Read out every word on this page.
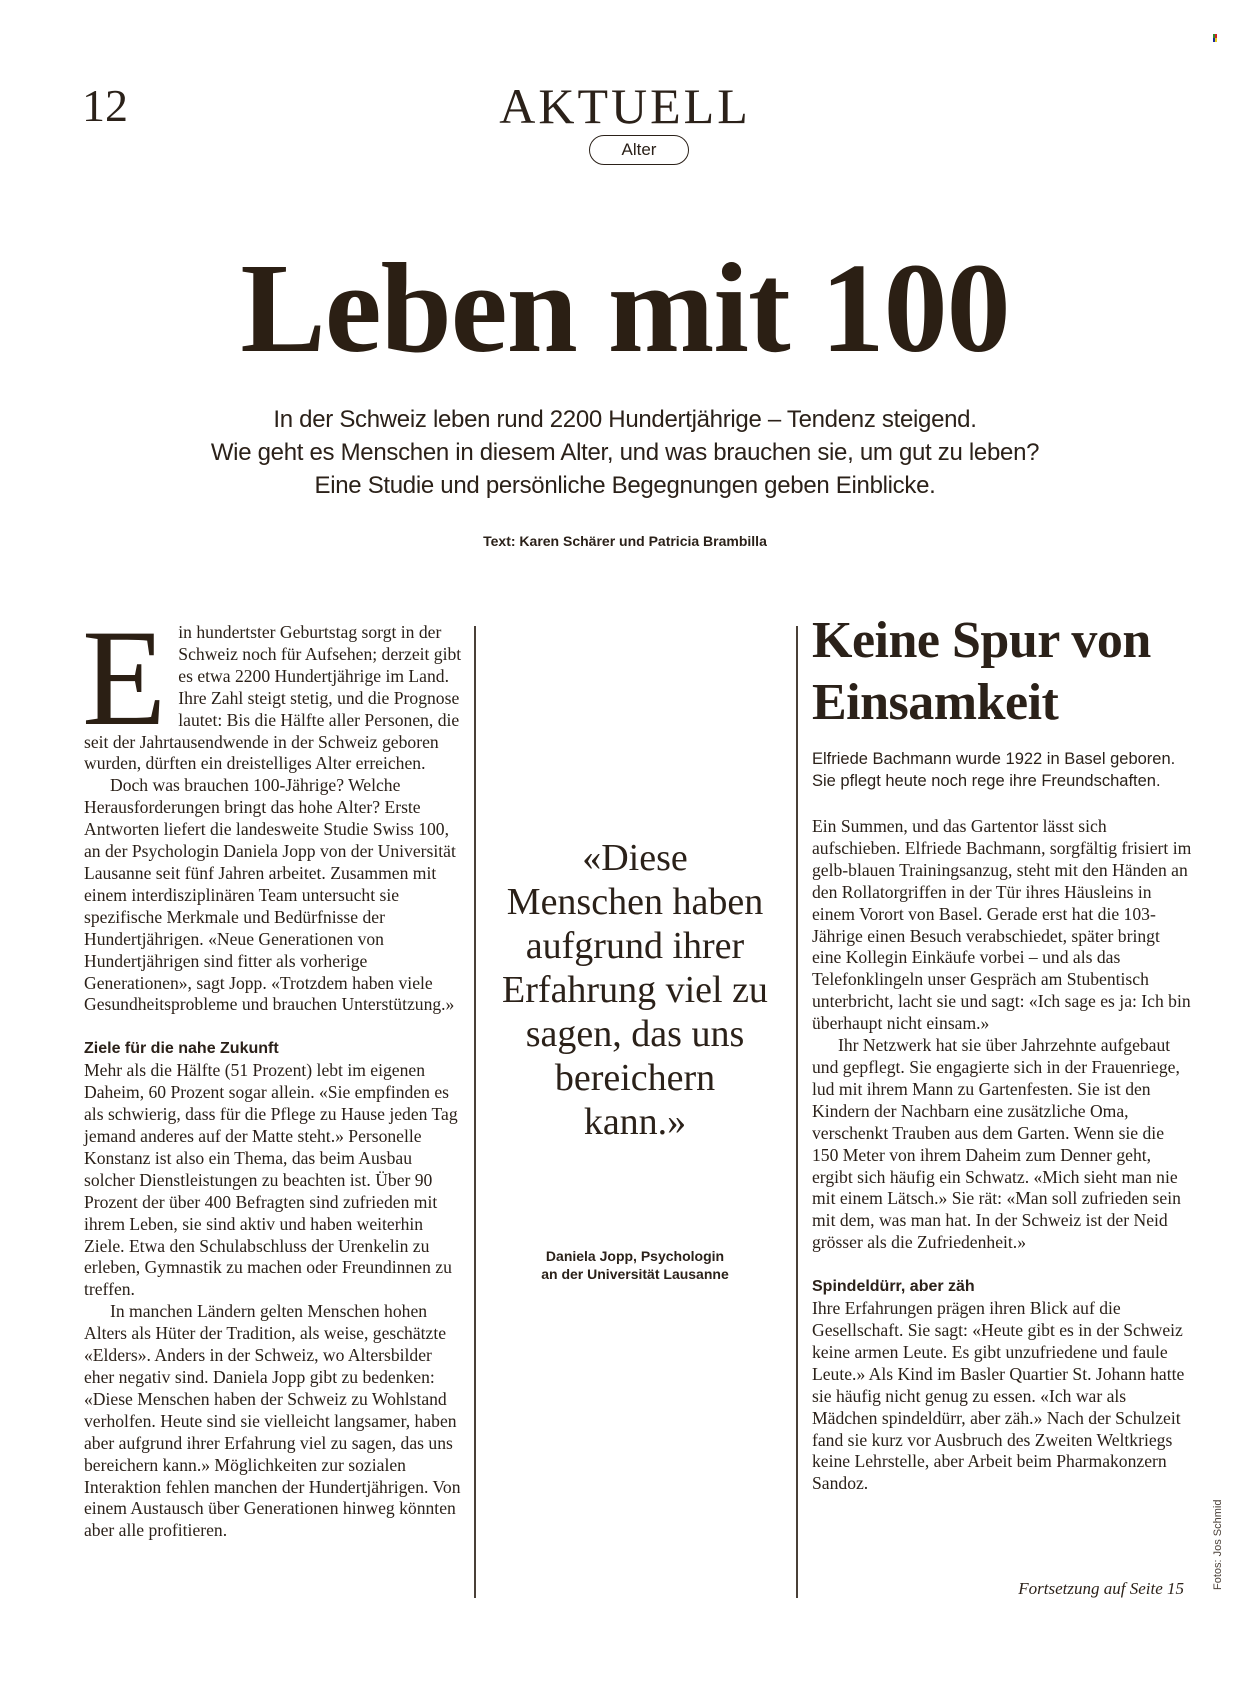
12	AKTUELL
Alter
Leben mit 100
In der Schweiz leben rund 2200 Hundertjährige – Tendenz steigend.
Wie geht es Menschen in diesem Alter, und was brauchen sie, um gut zu leben?
Eine Studie und persönliche Begegnungen geben Einblicke.
Text: Karen Schärer und Patricia Brambilla
E in hundertster Geburtstag sorgt in der Schweiz noch für Aufsehen; derzeit gibt es etwa 2200 Hundertjährige im Land. Ihre Zahl steigt stetig, und die Prognose lautet: Bis die Hälfte aller Personen, die seit der Jahrtausendwende in der Schweiz geboren wurden, dürften ein dreistelliges Alter erreichen.

Doch was brauchen 100-Jährige? Welche Herausforderungen bringt das hohe Alter? Erste Antworten liefert die landesweite Studie Swiss 100, an der Psychologin Daniela Jopp von der Universität Lausanne seit fünf Jahren arbeitet. Zusammen mit einem interdisziplinären Team untersucht sie spezifische Merkmale und Bedürfnisse der Hundertjährigen. «Neue Generationen von Hundertjährigen sind fitter als vorherige Generationen», sagt Jopp. «Trotzdem haben viele Gesundheitsprobleme und brauchen Unterstützung.»

Ziele für die nahe Zukunft

Mehr als die Hälfte (51 Prozent) lebt im eigenen Daheim, 60 Prozent sogar allein. «Sie empfinden es als schwierig, dass für die Pflege zu Hause jeden Tag jemand anderes auf der Matte steht.» Personelle Konstanz ist also ein Thema, das beim Ausbau solcher Dienstleistungen zu beachten ist. Über 90 Prozent der über 400 Befragten sind zufrieden mit ihrem Leben, sie sind aktiv und haben weiterhin Ziele. Etwa den Schulabschluss der Urenkelin zu erleben, Gymnastik zu machen oder Freundinnen zu treffen.

In manchen Ländern gelten Menschen hohen Alters als Hüter der Tradition, als weise, geschätzte «Elders». Anders in der Schweiz, wo Altersbilder eher negativ sind. Daniela Jopp gibt zu bedenken: «Diese Menschen haben der Schweiz zu Wohlstand verholfen. Heute sind sie vielleicht langsamer, haben aber aufgrund ihrer Erfahrung viel zu sagen, das uns bereichern kann.» Möglichkeiten zur sozialen Interaktion fehlen manchen der Hundertjährigen. Von einem Austausch über Generationen hinweg könnten aber alle profitieren.

«Diese Menschen haben aufgrund ihrer Erfahrung viel zu sagen, das uns bereichern kann.»
Daniela Jopp, Psychologin
an der Universität Lausanne
Keine Spur von Einsamkeit
Elfriede Bachmann wurde 1922 in Basel geboren. Sie pflegt heute noch rege ihre Freundschaften.

Ein Summen, und das Gartentor lässt sich aufschieben. Elfriede Bachmann, sorgfältig frisiert im gelb-blauen Trainingsanzug, steht mit den Händen an den Rollatorgriffen in der Tür ihres Häusleins in einem Vorort von Basel. Gerade erst hat die 103-Jährige einen Besuch verabschiedet, später bringt eine Kollegin Einkäufe vorbei – und als das Telefonklingeln unser Gespräch am Stubentisch unterbricht, lacht sie und sagt: «Ich sage es ja: Ich bin überhaupt nicht einsam.»

Ihr Netzwerk hat sie über Jahrzehnte aufgebaut und gepflegt. Sie engagierte sich in der Frauenriege, lud mit ihrem Mann zu Gartenfesten. Sie ist den Kindern der Nachbarn eine zusätzliche Oma, verschenkt Trauben aus dem Garten. Wenn sie die 150 Meter von ihrem Daheim zum Denner geht, ergibt sich häufig ein Schwatz. «Mich sieht man nie mit einem Lätsch.» Sie rät: «Man soll zufrieden sein mit dem, was man hat. In der Schweiz ist der Neid grösser als die Zufriedenheit.»

Spindeldürr, aber zäh

Ihre Erfahrungen prägen ihren Blick auf die Gesellschaft. Sie sagt: «Heute gibt es in der Schweiz keine armen Leute. Es gibt unzufriedene und faule Leute.» Als Kind im Basler Quartier St. Johann hatte sie häufig nicht genug zu essen. «Ich war als Mädchen spindeldürr, aber zäh.» Nach der Schulzeit fand sie kurz vor Ausbruch des Zweiten Weltkriegs keine Lehrstelle, aber Arbeit beim Pharmakonzern Sandoz.

Fortsetzung auf Seite 15	Fotos: Jos Schmid
